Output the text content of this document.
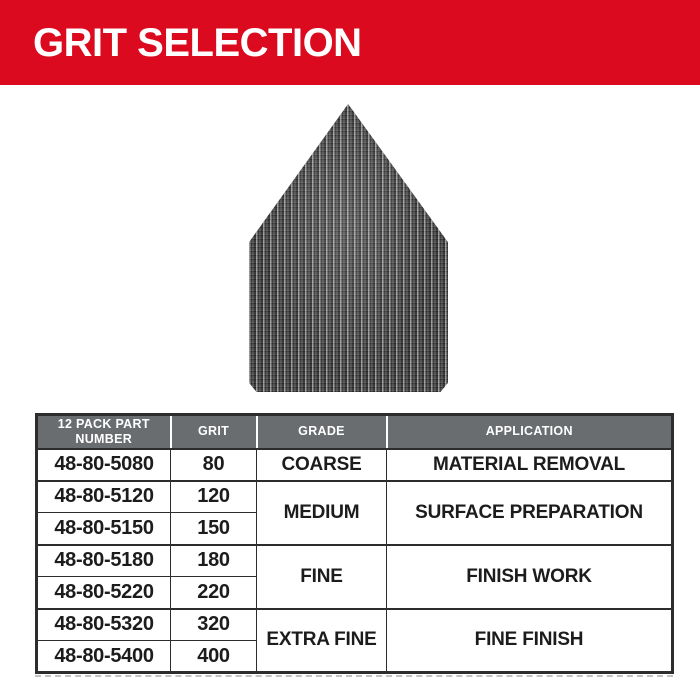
GRIT SELECTION
12 PACK PART NUMBER	GRIT	GRADE	APPLICATION
48-80-5080	80	COARSE	MATERIAL REMOVAL
48-80-5120	120	MEDIUM	SURFACE PREPARATION
48-80-5150	150		
48-80-5180	180	FINE	FINISH WORK
48-80-5220	220		
48-80-5320	320	EXTRA FINE	FINE FINISH
48-80-5400	400		
